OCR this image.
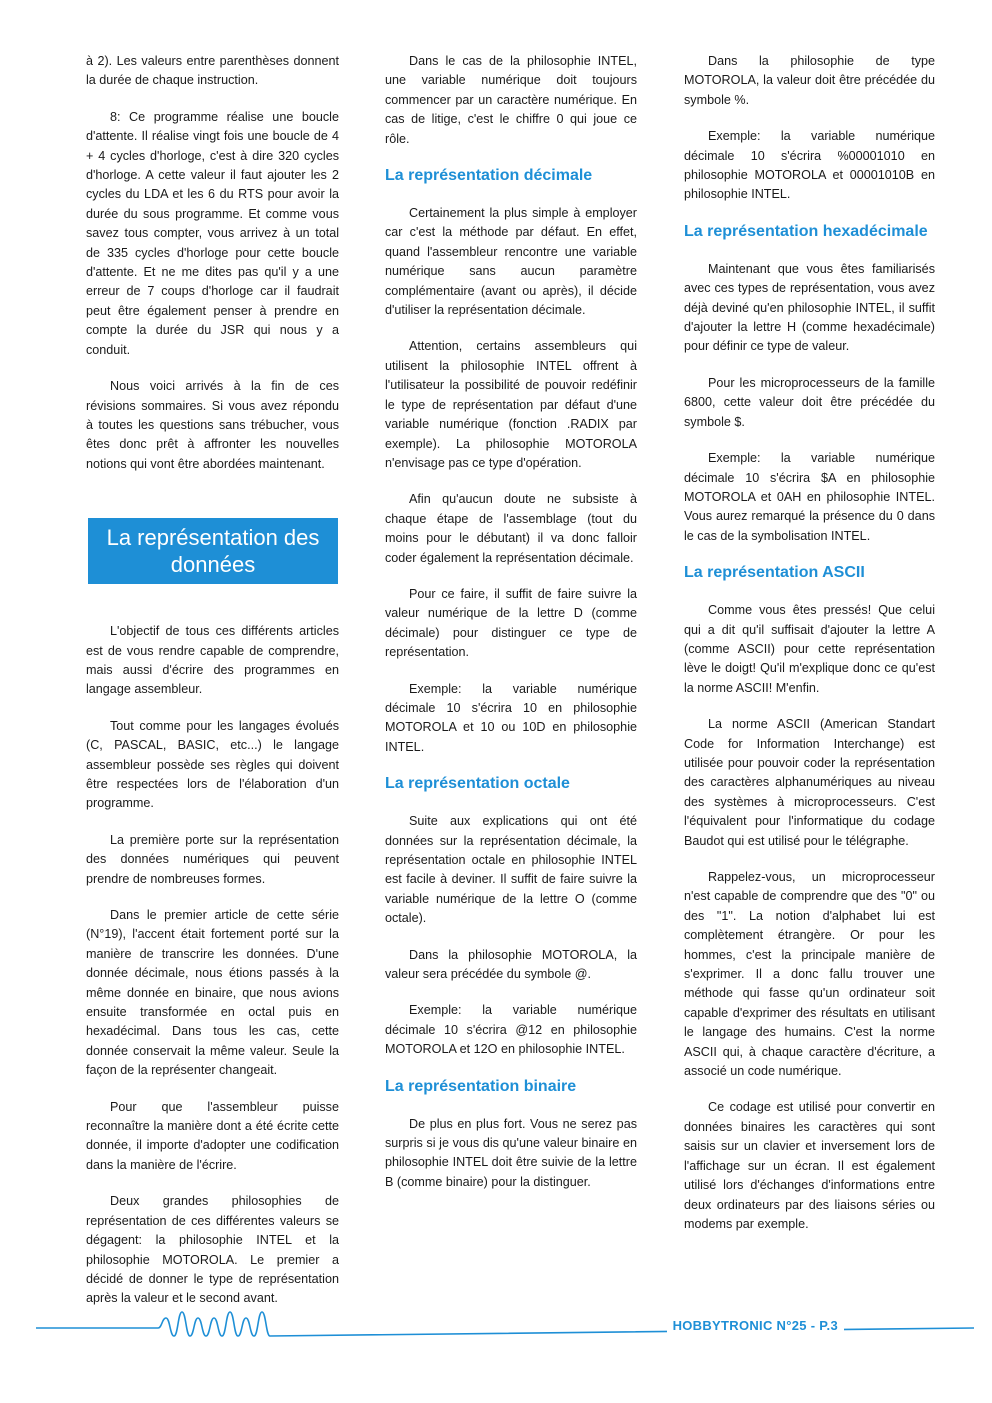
à 2). Les valeurs entre parenthèses donnent la durée de chaque instruction.

8: Ce programme réalise une boucle d'attente. Il réalise vingt fois une boucle de 4 + 4 cycles d'horloge, c'est à dire 320 cycles d'horloge. A cette valeur il faut ajouter les 2 cycles du LDA et les 6 du RTS pour avoir la durée du sous programme. Et comme vous savez tous compter, vous arrivez à un total de 335 cycles d'horloge pour cette boucle d'attente. Et ne me dites pas qu'il y a une erreur de 7 coups d'horloge car il faudrait peut être également penser à prendre en compte la durée du JSR qui nous y a conduit.

Nous voici arrivés à la fin de ces révisions sommaires. Si vous avez répondu à toutes les questions sans trébucher, vous êtes donc prêt à affronter les nouvelles notions qui vont être abordées maintenant.

La représentation des données

L'objectif de tous ces différents articles est de vous rendre capable de comprendre, mais aussi d'écrire des programmes en langage assembleur.

Tout comme pour les langages évolués (C, PASCAL, BASIC, etc...) le langage assembleur possède ses règles qui doivent être respectées lors de l'élaboration d'un programme.

La première porte sur la représentation des données numériques qui peuvent prendre de nombreuses formes.

Dans le premier article de cette série (N°19), l'accent était fortement porté sur la manière de transcrire les données. D'une donnée décimale, nous étions passés à la même donnée en binaire, que nous avions ensuite transformée en octal puis en hexadécimal. Dans tous les cas, cette donnée conservait la même valeur. Seule la façon de la représenter changeait.

Pour que l'assembleur puisse reconnaître la manière dont a été écrite cette donnée, il importe d'adopter une codification dans la manière de l'écrire.

Deux grandes philosophies de représentation de ces différentes valeurs se dégagent: la philosophie INTEL et la philosophie MOTOROLA. Le premier a décidé de donner le type de représentation après la valeur et le second avant.

Dans le cas de la philosophie INTEL, une variable numérique doit toujours commencer par un caractère numérique. En cas de litige, c'est le chiffre 0 qui joue ce rôle.

La représentation décimale

Certainement la plus simple à employer car c'est la méthode par défaut. En effet, quand l'assembleur rencontre une variable numérique sans aucun paramètre complémentaire (avant ou après), il décide d'utiliser la représentation décimale.

Attention, certains assembleurs qui utilisent la philosophie INTEL offrent à l'utilisateur la possibilité de pouvoir redéfinir le type de représentation par défaut d'une variable numérique (fonction .RADIX par exemple). La philosophie MOTOROLA n'envisage pas ce type d'opération.

Afin qu'aucun doute ne subsiste à chaque étape de l'assemblage (tout du moins pour le débutant) il va donc falloir coder également la représentation décimale.

Pour ce faire, il suffit de faire suivre la valeur numérique de la lettre D (comme décimale) pour distinguer ce type de représentation.

Exemple: la variable numérique décimale 10 s'écrira 10 en philosophie MOTOROLA et 10 ou 10D en philosophie INTEL.

La représentation octale

Suite aux explications qui ont été données sur la représentation décimale, la représentation octale en philosophie INTEL est facile à deviner. Il suffit de faire suivre la variable numérique de la lettre O (comme octale).

Dans la philosophie MOTOROLA, la valeur sera précédée du symbole @.

Exemple: la variable numérique décimale 10 s'écrira @12 en philosophie MOTOROLA et 12O en philosophie INTEL.

La représentation binaire

De plus en plus fort. Vous ne serez pas surpris si je vous dis qu'une valeur binaire en philosophie INTEL doit être suivie de la lettre B (comme binaire) pour la distinguer.

Dans la philosophie de type MOTOROLA, la valeur doit être précédée du symbole %.

Exemple: la variable numérique décimale 10 s'écrira %00001010 en philosophie MOTOROLA et 00001010B en philosophie INTEL.

La représentation hexadécimale

Maintenant que vous êtes familiarisés avec ces types de représentation, vous avez déjà deviné qu'en philosophie INTEL, il suffit d'ajouter la lettre H (comme hexadécimale) pour définir ce type de valeur.

Pour les microprocesseurs de la famille 6800, cette valeur doit être précédée du symbole $.

Exemple: la variable numérique décimale 10 s'écrira $A en philosophie MOTOROLA et 0AH en philosophie INTEL. Vous aurez remarqué la présence du 0 dans le cas de la symbolisation INTEL.

La représentation ASCII

Comme vous êtes pressés! Que celui qui a dit qu'il suffisait d'ajouter la lettre A (comme ASCII) pour cette représentation lève le doigt! Qu'il m'explique donc ce qu'est la norme ASCII! M'enfin.

La norme ASCII (American Standart Code for Information Interchange) est utilisée pour pouvoir coder la représentation des caractères alphanumériques au niveau des systèmes à microprocesseurs. C'est l'équivalent pour l'informatique du codage Baudot qui est utilisé pour le télégraphe.

Rappelez-vous, un microprocesseur n'est capable de comprendre que des "0" ou des "1". La notion d'alphabet lui est complètement étrangère. Or pour les hommes, c'est la principale manière de s'exprimer. Il a donc fallu trouver une méthode qui fasse qu'un ordinateur soit capable d'exprimer des résultats en utilisant le langage des humains. C'est la norme ASCII qui, à chaque caractère d'écriture, a associé un code numérique.

Ce codage est utilisé pour convertir en données binaires les caractères qui sont saisis sur un clavier et inversement lors de l'affichage sur un écran. Il est également utilisé lors d'échanges d'informations entre deux ordinateurs par des liaisons séries ou modems par exemple.

HOBBYTRONIC N°25 - P.3
